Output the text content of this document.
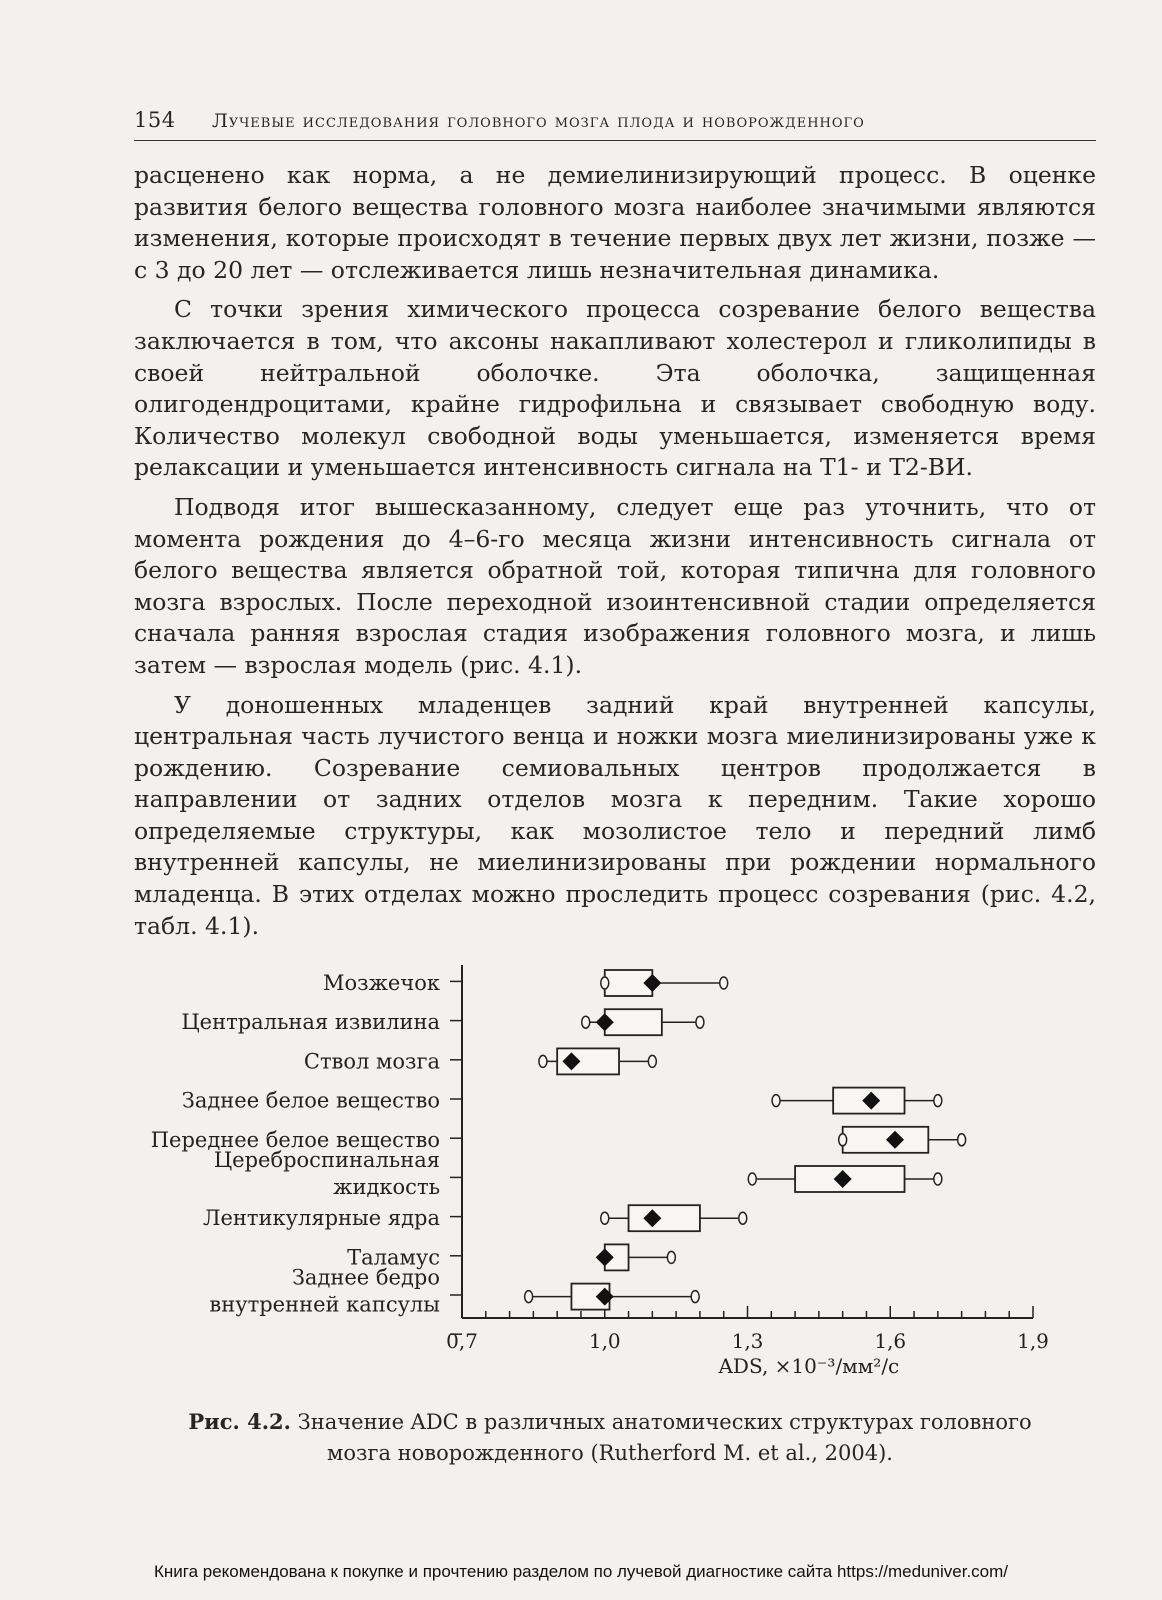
154 Лучевые исследования головного мозга плода и новорожденного

расценено как норма, а не демиелинизирующий процесс. В оценке развития белого вещества головного мозга наиболее значимыми являются изменения, которые происходят в течение первых двух лет жизни, позже — с 3 до 20 лет — отслеживается лишь незначительная динамика.

С точки зрения химического процесса созревание белого вещества заключается в том, что аксоны накапливают холестерол и гликолипиды в своей нейтральной оболочке. Эта оболочка, защищенная олигодендроцитами, крайне гидрофильна и связывает свободную воду. Количество молекул свободной воды уменьшается, изменяется время релаксации и уменьшается интенсивность сигнала на T1- и T2-ВИ.

Подводя итог вышесказанному, следует еще раз уточнить, что от момента рождения до 4–6-го месяца жизни интенсивность сигнала от белого вещества является обратной той, которая типична для головного мозга взрослых. После переходной изоинтенсивной стадии определяется сначала ранняя взрослая стадия изображения головного мозга, и лишь затем — взрослая модель (рис. 4.1).

У доношенных младенцев задний край внутренней капсулы, центральная часть лучистого венца и ножки мозга миелинизированы уже к рождению. Созревание семиовальных центров продолжается в направлении от задних отделов мозга к передним. Такие хорошо определяемые структуры, как мозолистое тело и передний лимб внутренней капсулы, не миелинизированы при рождении нормального младенца. В этих отделах можно проследить процесс созревания (рис. 4.2, табл. 4.1).

0,7	1,0	1,3	1,6	1,9
ADS, ×10⁻³/мм²/с
Мозжечок
Центральная извилина
Ствол мозга
Заднее белое вещество
Переднее белое вещество
Цереброспинальная
жидкость
Лентикулярные ядра
Таламус
Заднее бедро
внутренней капсулы
Рис. 4.2. Значение ADC в различных анатомических структурах головного мозга новорожденного (Rutherford M. et al., 2004).
Книга рекомендована к покупке и прочтению разделом по лучевой диагностике сайта https://meduniver.com/
